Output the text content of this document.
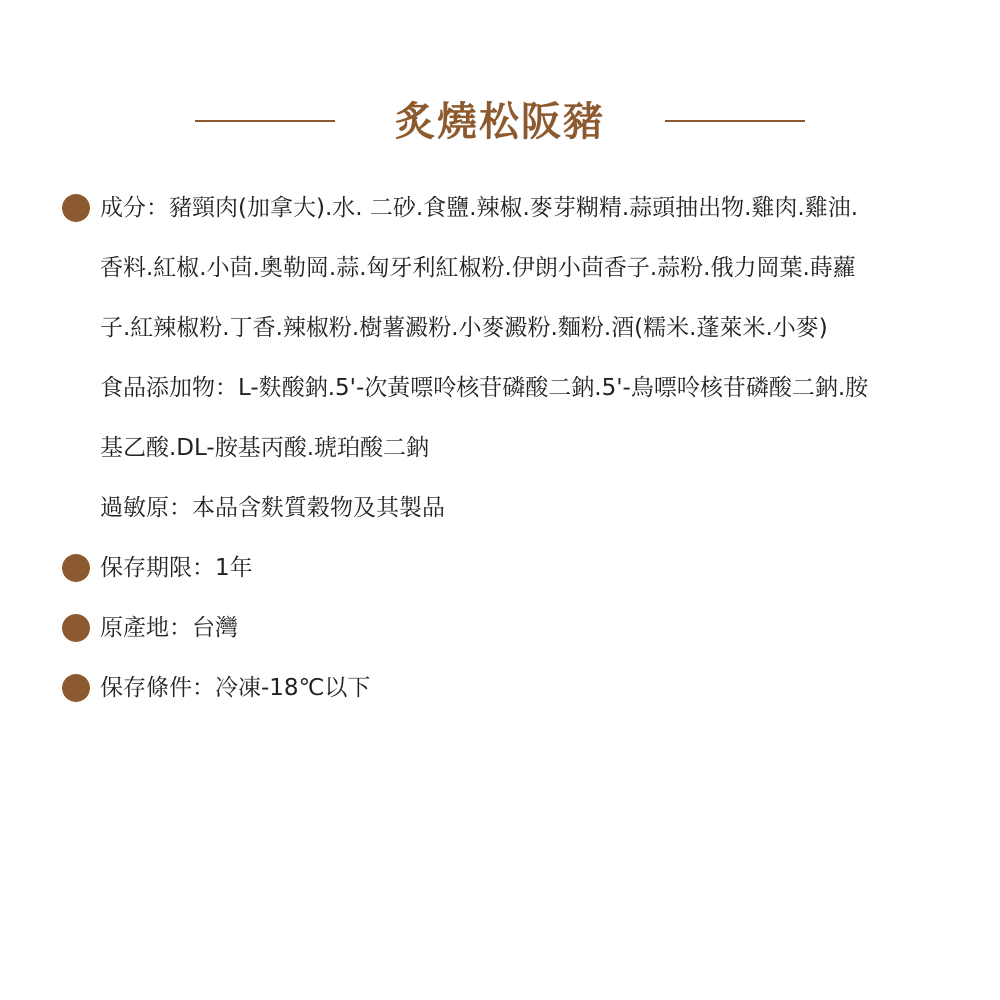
炙燒松阪豬
成分：豬頸肉(加拿大).水. 二砂.食鹽.辣椒.麥芽糊精.蒜頭抽出物.雞肉.雞油.
香料.紅椒.小茴.奧勒岡.蒜.匈牙利紅椒粉.伊朗小茴香子.蒜粉.俄力岡葉.蒔蘿
子.紅辣椒粉.丁香.辣椒粉.樹薯澱粉.小麥澱粉.麵粉.酒(糯米.蓬萊米.小麥)
食品添加物：L-麩酸鈉.5'-次黃嘌呤核苷磷酸二鈉.5'-鳥嘌呤核苷磷酸二鈉.胺
基乙酸.DL-胺基丙酸.琥珀酸二鈉
過敏原：本品含麩質穀物及其製品
保存期限：1年
原產地：台灣
保存條件：冷凍-18℃以下
